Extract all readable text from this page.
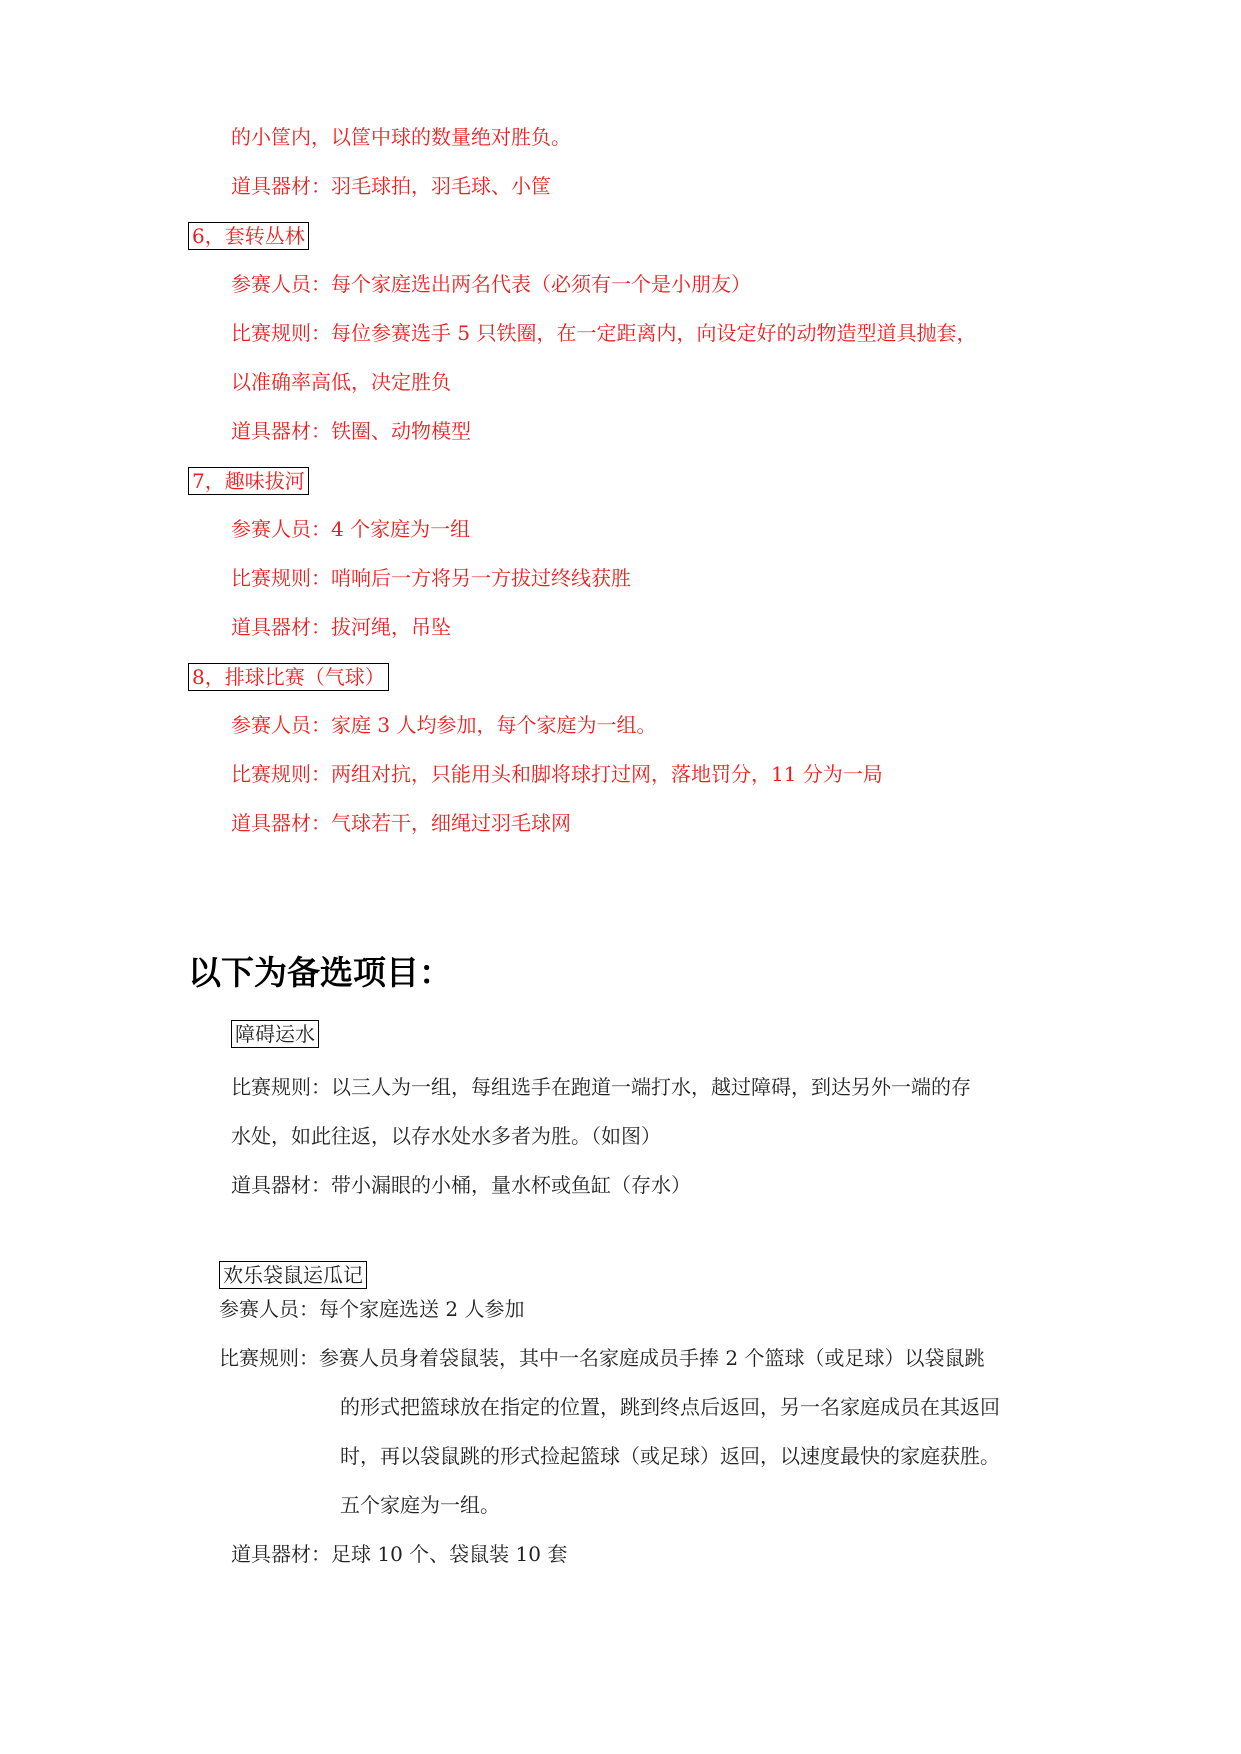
的小筐内，以筐中球的数量绝对胜负。
道具器材：羽毛球拍，羽毛球、小筐
6，套转丛林
参赛人员：每个家庭选出两名代表（必须有一个是小朋友）
比赛规则：每位参赛选手 5 只铁圈，在一定距离内，向设定好的动物造型道具抛套，
以准确率高低，决定胜负
道具器材：铁圈、动物模型
7，趣味拔河
参赛人员：4 个家庭为一组
比赛规则：哨响后一方将另一方拔过终线获胜
道具器材：拔河绳，吊坠
8，排球比赛（气球）
参赛人员：家庭 3 人均参加，每个家庭为一组。
比赛规则：两组对抗，只能用头和脚将球打过网，落地罚分，11 分为一局
道具器材：气球若干，细绳过羽毛球网
以下为备选项目：
障碍运水
比赛规则：以三人为一组，每组选手在跑道一端打水，越过障碍，到达另外一端的存
水处，如此往返，以存水处水多者为胜。（如图）
道具器材：带小漏眼的小桶，量水杯或鱼缸（存水）
欢乐袋鼠运瓜记
参赛人员：每个家庭选送 2 人参加
比赛规则：参赛人员身着袋鼠装，其中一名家庭成员手捧 2 个篮球（或足球）以袋鼠跳
的形式把篮球放在指定的位置，跳到终点后返回，另一名家庭成员在其返回
时，再以袋鼠跳的形式捡起篮球（或足球）返回，以速度最快的家庭获胜。
五个家庭为一组。
道具器材：足球 10 个、袋鼠装 10 套
